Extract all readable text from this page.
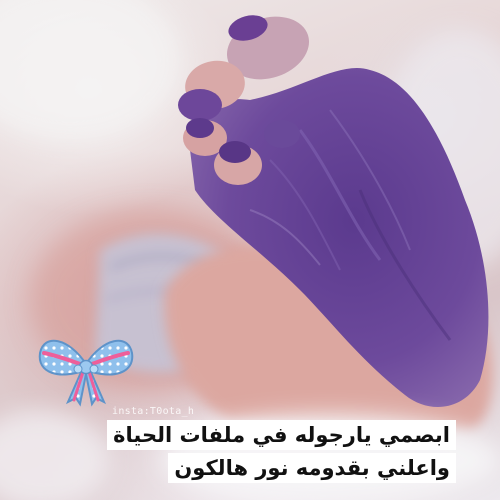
insta:T0ota_h
ابصمي يارجوله في ملفات الحياة
واعلني بقدومه نور هالكون
